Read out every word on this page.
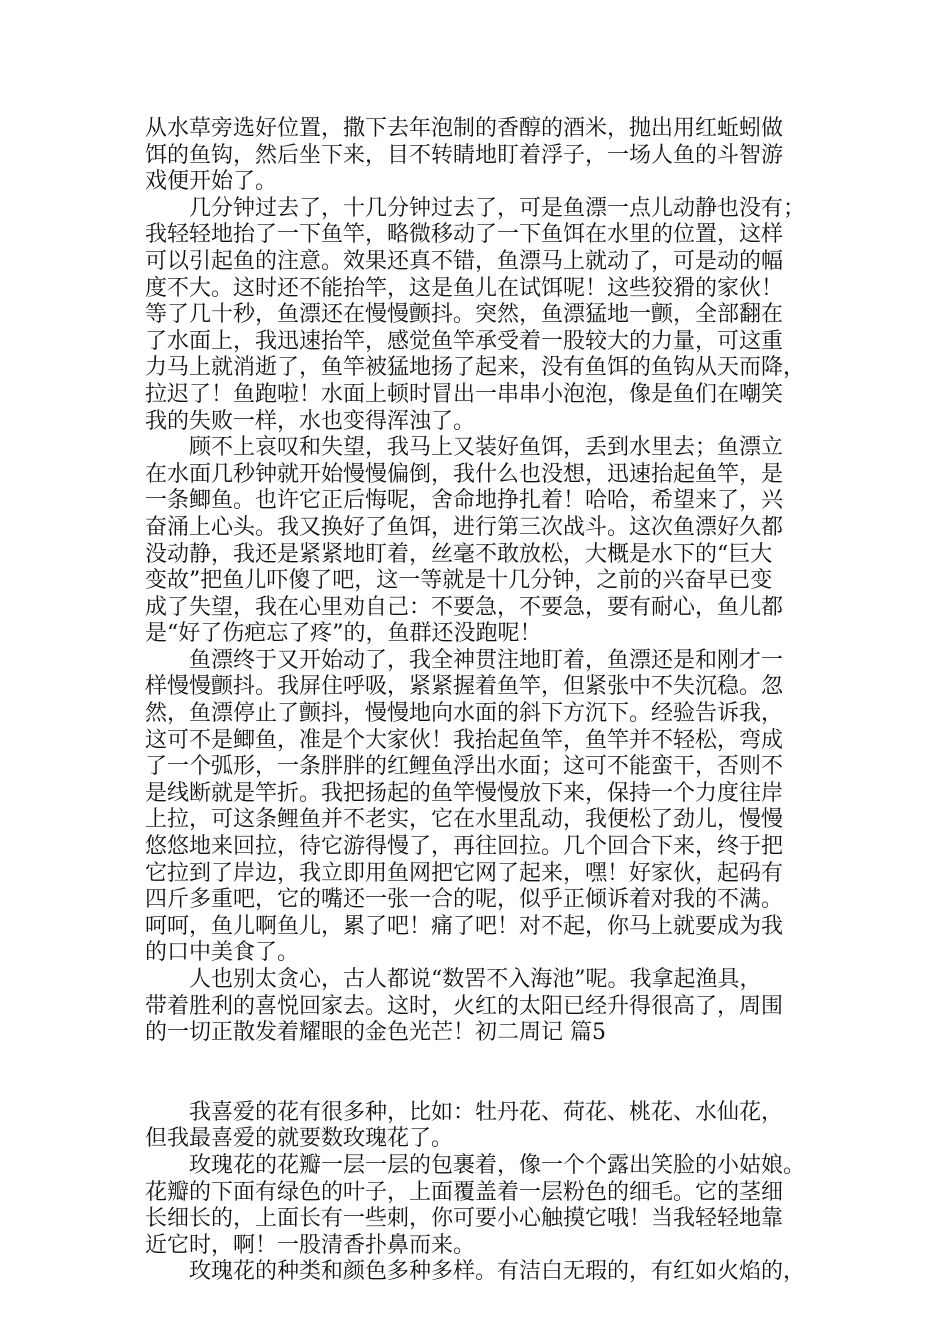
从水草旁选好位置，撒下去年泡制的香醇的酒米，抛出用红蚯蚓做
饵的鱼钩，然后坐下来，目不转睛地盯着浮子，一场人鱼的斗智游
戏便开始了。
　　几分钟过去了，十几分钟过去了，可是鱼漂一点儿动静也没有；
我轻轻地抬了一下鱼竿，略微移动了一下鱼饵在水里的位置，这样
可以引起鱼的注意。效果还真不错，鱼漂马上就动了，可是动的幅
度不大。这时还不能抬竿，这是鱼儿在试饵呢！这些狡猾的家伙！
等了几十秒，鱼漂还在慢慢颤抖。突然，鱼漂猛地一颤，全部翻在
了水面上，我迅速抬竿，感觉鱼竿承受着一股较大的力量，可这重
力马上就消逝了，鱼竿被猛地扬了起来，没有鱼饵的鱼钩从天而降，
拉迟了！鱼跑啦！水面上顿时冒出一串串小泡泡，像是鱼们在嘲笑
我的失败一样，水也变得浑浊了。
　　顾不上哀叹和失望，我马上又装好鱼饵，丢到水里去；鱼漂立
在水面几秒钟就开始慢慢偏倒，我什么也没想，迅速抬起鱼竿，是
一条鲫鱼。也许它正后悔呢，舍命地挣扎着！哈哈，希望来了，兴
奋涌上心头。我又换好了鱼饵，进行第三次战斗。这次鱼漂好久都
没动静，我还是紧紧地盯着，丝毫不敢放松，大概是水下的“巨大
变故”把鱼儿吓傻了吧，这一等就是十几分钟，之前的兴奋早已变
成了失望，我在心里劝自己：不要急，不要急，要有耐心，鱼儿都
是“好了伤疤忘了疼”的，鱼群还没跑呢！
　　鱼漂终于又开始动了，我全神贯注地盯着，鱼漂还是和刚才一
样慢慢颤抖。我屏住呼吸，紧紧握着鱼竿，但紧张中不失沉稳。忽
然，鱼漂停止了颤抖，慢慢地向水面的斜下方沉下。经验告诉我，
这可不是鲫鱼，准是个大家伙！我抬起鱼竿，鱼竿并不轻松，弯成
了一个弧形，一条胖胖的红鲤鱼浮出水面；这可不能蛮干，否则不
是线断就是竿折。我把扬起的鱼竿慢慢放下来，保持一个力度往岸
上拉，可这条鲤鱼并不老实，它在水里乱动，我便松了劲儿，慢慢
悠悠地来回拉，待它游得慢了，再往回拉。几个回合下来，终于把
它拉到了岸边，我立即用鱼网把它网了起来，嘿！好家伙，起码有
四斤多重吧，它的嘴还一张一合的呢，似乎正倾诉着对我的不满。
呵呵，鱼儿啊鱼儿，累了吧！痛了吧！对不起，你马上就要成为我
的口中美食了。
　　人也别太贪心，古人都说“数罟不入海池”呢。我拿起渔具，
带着胜利的喜悦回家去。这时，火红的太阳已经升得很高了，周围
的一切正散发着耀眼的金色光芒！初二周记 篇5
　　我喜爱的花有很多种，比如：牡丹花、荷花、桃花、水仙花，
但我最喜爱的就要数玫瑰花了。
　　玫瑰花的花瓣一层一层的包裹着，像一个个露出笑脸的小姑娘。
花瓣的下面有绿色的叶子，上面覆盖着一层粉色的细毛。它的茎细
长细长的，上面长有一些刺，你可要小心触摸它哦！当我轻轻地靠
近它时，啊！一股清香扑鼻而来。
　　玫瑰花的种类和颜色多种多样。有洁白无瑕的，有红如火焰的，
